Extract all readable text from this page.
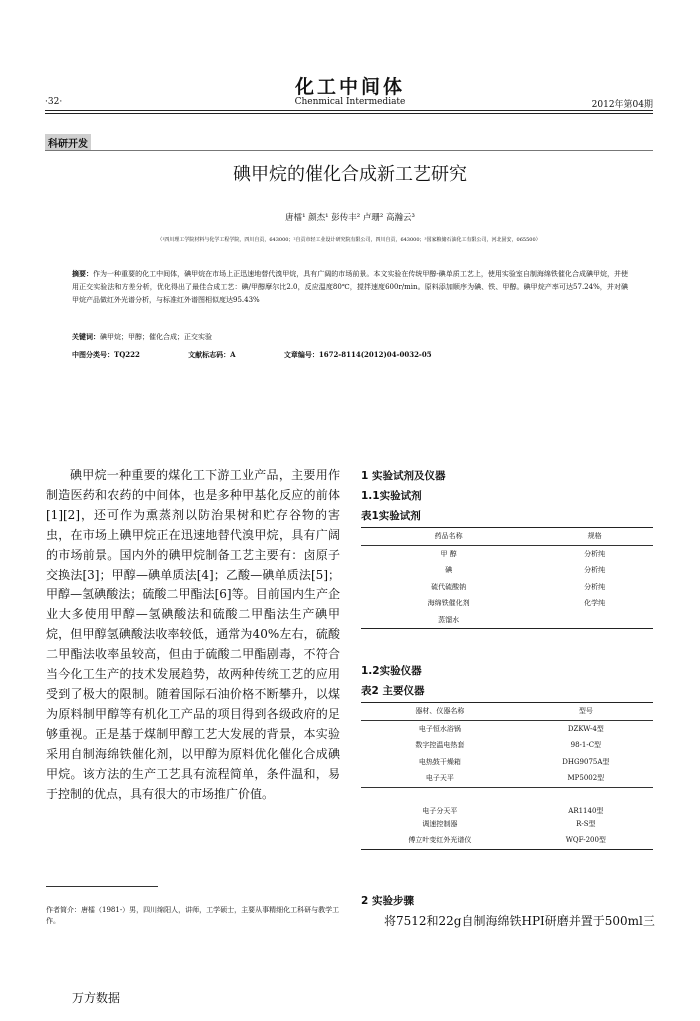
化工中间体
·32·	Chenmical Intermediate	2012年第04期
科研开发
碘甲烷的催化合成新工艺研究
唐檑¹ 颜杰¹ 彭传丰² 卢珊² 高瀚云³
（¹四川理工学院材料与化学工程学院，四川自贡，643000；²自贡市轻工业设计研究院有限公司，四川自贡，643000；³国家粮储石油化工有限公司，河北固安，065500）
摘要：作为一种重要的化工中间体，碘甲烷在市场上正迅速地替代溴甲烷，具有广阔的市场前景。本文实验在传统甲醇-碘单质工艺上，使用实验室自制海绵铁催化合成碘甲烷，并使用正交实验法和方差分析，优化得出了最佳合成工艺：碘/甲醇摩尔比2.0，反应温度80℃，搅拌速度600r/min。原料添加顺序为碘、铁、甲醇。碘甲烷产率可达57.24%，并对碘甲烷产品做红外光谱分析，与标准红外谱图相似度达95.43%
关键词：碘甲烷；甲醇；催化合成；正交实验
中图分类号：TQ222	文献标志码：A	文章编号：1672-8114(2012)04-0032-05
碘甲烷一种重要的煤化工下游工业产品，主要用作制造医药和农药的中间体，也是多种甲基化反应的前体[1][2]，还可作为熏蒸剂以防治果树和贮存谷物的害虫，在市场上碘甲烷正在迅速地替代溴甲烷，具有广阔的市场前景。国内外的碘甲烷制备工艺主要有：卤原子交换法[3]；甲醇—碘单质法[4]；乙酸—碘单质法[5]；甲醇—氢碘酸法；硫酸二甲酯法[6]等。目前国内生产企业大多使用甲醇—氢碘酸法和硫酸二甲酯法生产碘甲烷，但甲醇氢碘酸法收率较低，通常为40%左右，硫酸二甲酯法收率虽较高，但由于硫酸二甲酯剧毒，不符合当今化工生产的技术发展趋势，故两种传统工艺的应用受到了极大的限制。随着国际石油价格不断攀升，以煤为原料制甲醇等有机化工产品的项目得到各级政府的足够重视。正是基于煤制甲醇工艺大发展的背景，本实验采用自制海绵铁催化剂，以甲醇为原料优化催化合成碘甲烷。该方法的生产工艺具有流程简单，条件温和，易于控制的优点，具有很大的市场推广价值。
1 实验试剂及仪器
1.1实验试剂
表1实验试剂
药品名称	规格
甲 醇	分析纯
碘	分析纯
硫代硫酸钠	分析纯
海绵铁催化剂	化学纯
蒸馏水	
1.2实验仪器
表2 主要仪器
器材、仪器名称	型号
电子恒水浴锅	DZKW-4型
数字控温电热套	98-1-C型
电热鼓干燥箱	DHG9075A型
电子天平	MP5002型
电子分天平	AR1140型
调速控制器	R-S型
傅立叶变红外光谱仪	WQF-200型
2 实验步骤
将7512和22g自制海绵铁HPI研磨并置于500ml三
作者简介：唐檑（1981-）男，四川绵阳人，讲师，工学硕士，主要从事精细化工科研与教学工作。
万方数据
